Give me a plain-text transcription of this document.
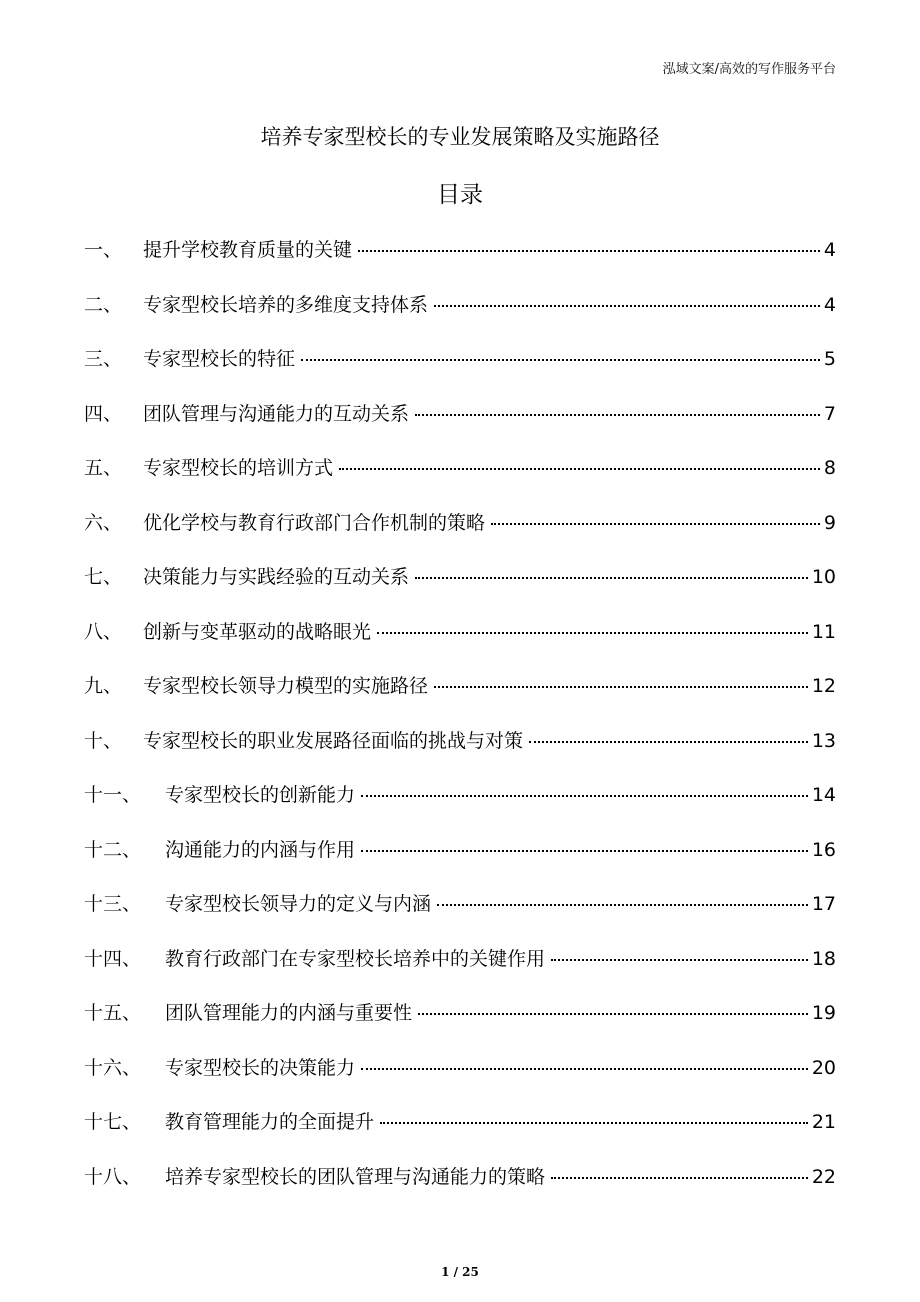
泓域文案/高效的写作服务平台
培养专家型校长的专业发展策略及实施路径
目录
一、	提升学校教育质量的关键	4
二、	专家型校长培养的多维度支持体系	4
三、	专家型校长的特征	5
四、	团队管理与沟通能力的互动关系	7
五、	专家型校长的培训方式	8
六、	优化学校与教育行政部门合作机制的策略	9
七、	决策能力与实践经验的互动关系	10
八、	创新与变革驱动的战略眼光	11
九、	专家型校长领导力模型的实施路径	12
十、	专家型校长的职业发展路径面临的挑战与对策	13
十一、	专家型校长的创新能力	14
十二、	沟通能力的内涵与作用	16
十三、	专家型校长领导力的定义与内涵	17
十四、	教育行政部门在专家型校长培养中的关键作用	18
十五、	团队管理能力的内涵与重要性	19
十六、	专家型校长的决策能力	20
十七、	教育管理能力的全面提升	21
十八、	培养专家型校长的团队管理与沟通能力的策略	22
1 / 25
